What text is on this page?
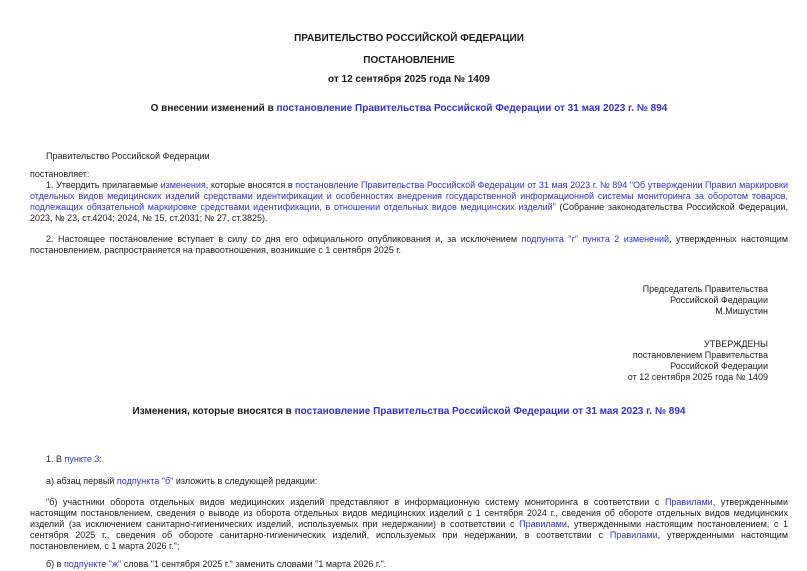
ПРАВИТЕЛЬСТВО РОССИЙСКОЙ ФЕДЕРАЦИИ
ПОСТАНОВЛЕНИЕ
от 12 сентября 2025 года № 1409
О внесении изменений в постановление Правительства Российской Федерации от 31 мая 2023 г. № 894
Правительство Российской Федерации
постановляет:
1. Утвердить прилагаемые изменения, которые вносятся в постановление Правительства Российской Федерации от 31 мая 2023 г. № 894 "Об утверждении Правил маркировки отдельных видов медицинских изделий средствами идентификации и особенностях внедрения государственной информационной системы мониторинга за оборотом товаров, подлежащих обязательной маркировке средствами идентификации, в отношении отдельных видов медицинских изделий" (Собрание законодательства Российской Федерации, 2023, № 23, ст.4204; 2024, № 15, ст.2031; № 27, ст.3825).
2. Настоящее постановление вступает в силу со дня его официального опубликования и, за исключением подпункта "г" пункта 2 изменений, утвержденных настоящим постановлением, распространяется на правоотношения, возникшие с 1 сентября 2025 г.
Председатель Правительства
Российской Федерации
М.Мишустин
УТВЕРЖДЕНЫ
постановлением Правительства
Российской Федерации
от 12 сентября 2025 года № 1409
Изменения, которые вносятся в постановление Правительства Российской Федерации от 31 мая 2023 г. № 894
1. В пункте 3:
а) абзац первый подпункта "б" изложить в следующей редакции:
"б) участники оборота отдельных видов медицинских изделий представляют в информационную систему мониторинга в соответствии с Правилами, утвержденными настоящим постановлением, сведения о выводе из оборота отдельных видов медицинских изделий с 1 сентября 2024 г., сведения об обороте отдельных видов медицинских изделий (за исключением санитарно-гигиенических изделий, используемых при недержании) в соответствии с Правилами, утвержденными настоящим постановлением, с 1 сентября 2025 г., сведения об обороте санитарно-гигиенических изделий, используемых при недержании, в соответствии с Правилами, утвержденными настоящим постановлением, с 1 марта 2026 г.";
б) в подпункте "ж" слова "1 сентября 2025 г." заменить словами "1 марта 2026 г.".
